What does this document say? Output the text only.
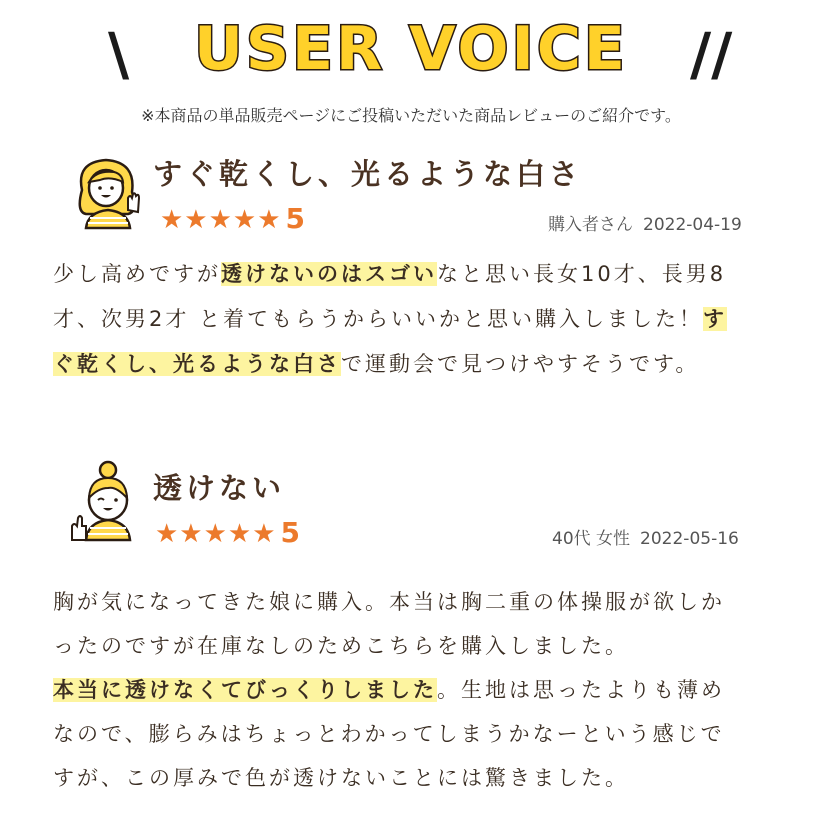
\	USER VOICE	//
※本商品の単品販売ページにご投稿いただいた商品レビューのご紹介です。
すぐ乾くし、光るような白さ
★★★★★ 5	購入者さん 2022-04-19
少し高めですが透けないのはスゴいなと思い長女10才、長男8
才、次男2才 と着てもらうからいいかと思い購入しました！す
ぐ乾くし、光るような白さで運動会で見つけやすそうです。
透けない
★★★★★ 5	40代 女性 2022-05-16
胸が気になってきた娘に購入。本当は胸二重の体操服が欲しか
ったのですが在庫なしのためこちらを購入しました。
本当に透けなくてびっくりしました。生地は思ったよりも薄め
なので、膨らみはちょっとわかってしまうかなーという感じで
すが、この厚みで色が透けないことには驚きました。
